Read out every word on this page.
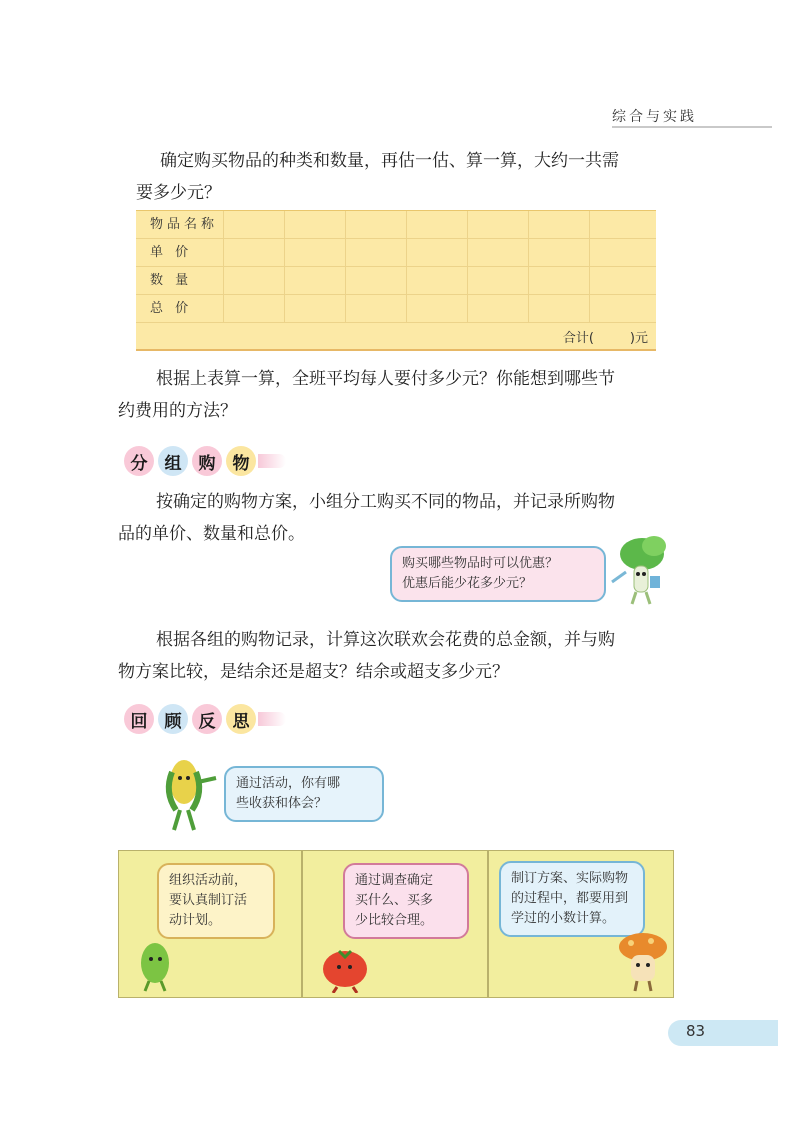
综合与实践
确定购买物品的种类和数量，再估一估、算一算，大约一共需
要多少元？
物品名称
单 价
数 量
总 价
合计(	)元
根据上表算一算，全班平均每人要付多少元？你能想到哪些节
约费用的方法？
分	组	购	物
按确定的购物方案，小组分工购买不同的物品，并记录所购物
品的单价、数量和总价。
购买哪些物品时可以优惠？
优惠后能少花多少元？
根据各组的购物记录，计算这次联欢会花费的总金额，并与购
物方案比较，是结余还是超支？结余或超支多少元？
回	顾	反	思
通过活动，你有哪
些收获和体会？
组织活动前，
要认真制订活
动计划。
通过调查确定
买什么、买多
少比较合理。
制订方案、实际购物
的过程中，都要用到
学过的小数计算。
83
